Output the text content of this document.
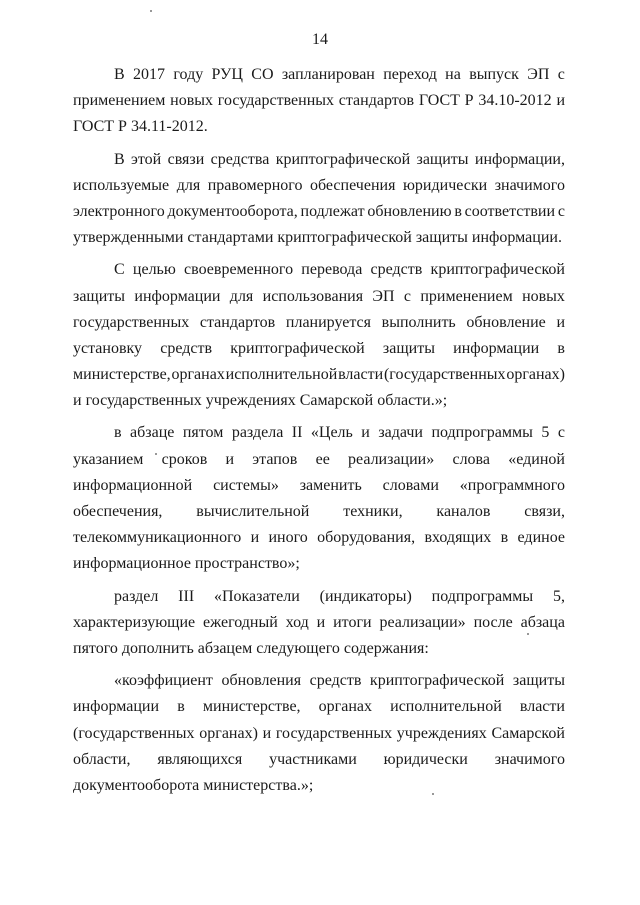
14
В 2017 году РУЦ СО запланирован переход на выпуск ЭП с
применением новых государственных стандартов ГОСТ Р 34.10-2012 и
ГОСТ Р 34.11-2012.
В этой связи средства криптографической защиты информации,
используемые для правомерного обеспечения юридически значимого
электронного документооборота, подлежат обновлению в соответствии с
утвержденными стандартами криптографической защиты информации.
С целью своевременного перевода средств криптографической
защиты информации для использования ЭП с применением новых
государственных стандартов планируется выполнить обновление и
установку средств криптографической защиты информации в
министерстве, органах исполнительной власти (государственных органах)
и государственных учреждениях Самарской области.»;
в абзаце пятом раздела II «Цель и задачи подпрограммы 5 с
указанием сроков и этапов ее реализации» слова «единой
информационной системы» заменить словами «программного
обеспечения, вычислительной техники, каналов связи,
телекоммуникационного и иного оборудования, входящих в единое
информационное пространство»;
раздел III «Показатели (индикаторы) подпрограммы 5,
характеризующие ежегодный ход и итоги реализации» после абзаца
пятого дополнить абзацем следующего содержания:
«коэффициент обновления средств криптографической защиты
информации в министерстве, органах исполнительной власти
(государственных органах) и государственных учреждениях Самарской
области, являющихся участниками юридически значимого
документооборота министерства.»;
